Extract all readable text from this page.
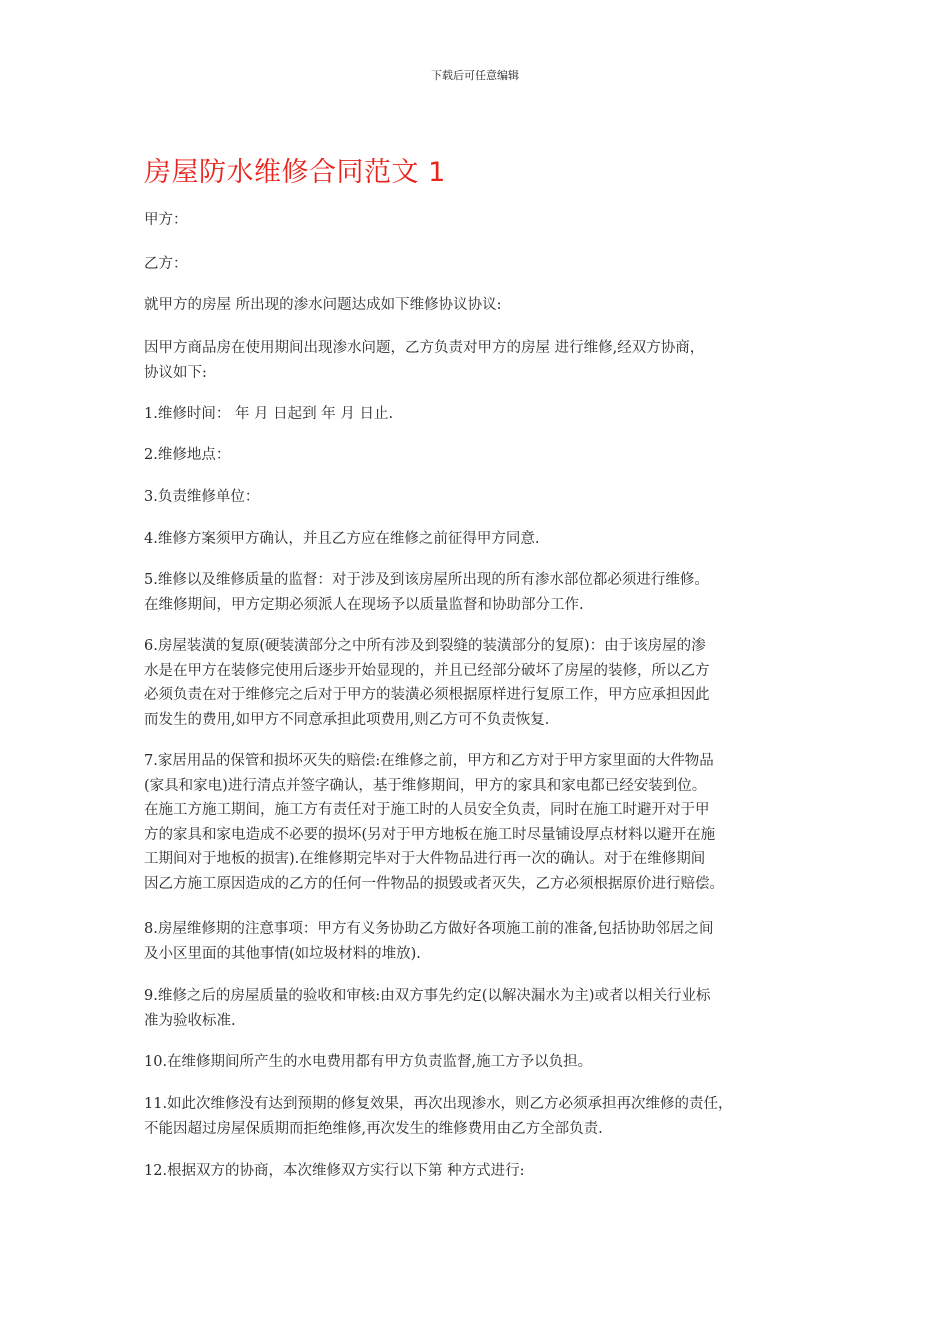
下载后可任意编辑
房屋防水维修合同范文 1

甲方：

乙方：

就甲方的房屋 所出现的渗水问题达成如下维修协议协议:

因甲方商品房在使用期间出现渗水问题，乙方负责对甲方的房屋 进行维修,经双方协商，
协议如下:

1.维修时间： 年 月 日起到 年 月 日止.

2.维修地点：

3.负责维修单位：

4.维修方案须甲方确认，并且乙方应在维修之前征得甲方同意.

5.维修以及维修质量的监督：对于涉及到该房屋所出现的所有渗水部位都必须进行维修。
在维修期间，甲方定期必须派人在现场予以质量监督和协助部分工作.

6.房屋装潢的复原(硬装潢部分之中所有涉及到裂缝的装潢部分的复原)：由于该房屋的渗
水是在甲方在装修完使用后逐步开始显现的，并且已经部分破坏了房屋的装修，所以乙方
必须负责在对于维修完之后对于甲方的装潢必须根据原样进行复原工作，甲方应承担因此
而发生的费用,如甲方不同意承担此项费用,则乙方可不负责恢复.

7.家居用品的保管和损坏灭失的赔偿:在维修之前，甲方和乙方对于甲方家里面的大件物品
(家具和家电)进行清点并签字确认，基于维修期间，甲方的家具和家电都已经安装到位。
在施工方施工期间，施工方有责任对于施工时的人员安全负责，同时在施工时避开对于甲
方的家具和家电造成不必要的损坏(另对于甲方地板在施工时尽量铺设厚点材料以避开在施
工期间对于地板的损害).在维修期完毕对于大件物品进行再一次的确认。对于在维修期间
因乙方施工原因造成的乙方的任何一件物品的损毁或者灭失，乙方必须根据原价进行赔偿。

8.房屋维修期的注意事项：甲方有义务协助乙方做好各项施工前的准备,包括协助邻居之间
及小区里面的其他事情(如垃圾材料的堆放).

9.维修之后的房屋质量的验收和审核:由双方事先约定(以解决漏水为主)或者以相关行业标
准为验收标准.

10.在维修期间所产生的水电费用都有甲方负责监督,施工方予以负担。

11.如此次维修没有达到预期的修复效果，再次出现渗水，则乙方必须承担再次维修的责任，
不能因超过房屋保质期而拒绝维修,再次发生的维修费用由乙方全部负责.

12.根据双方的协商，本次维修双方实行以下第 种方式进行:
